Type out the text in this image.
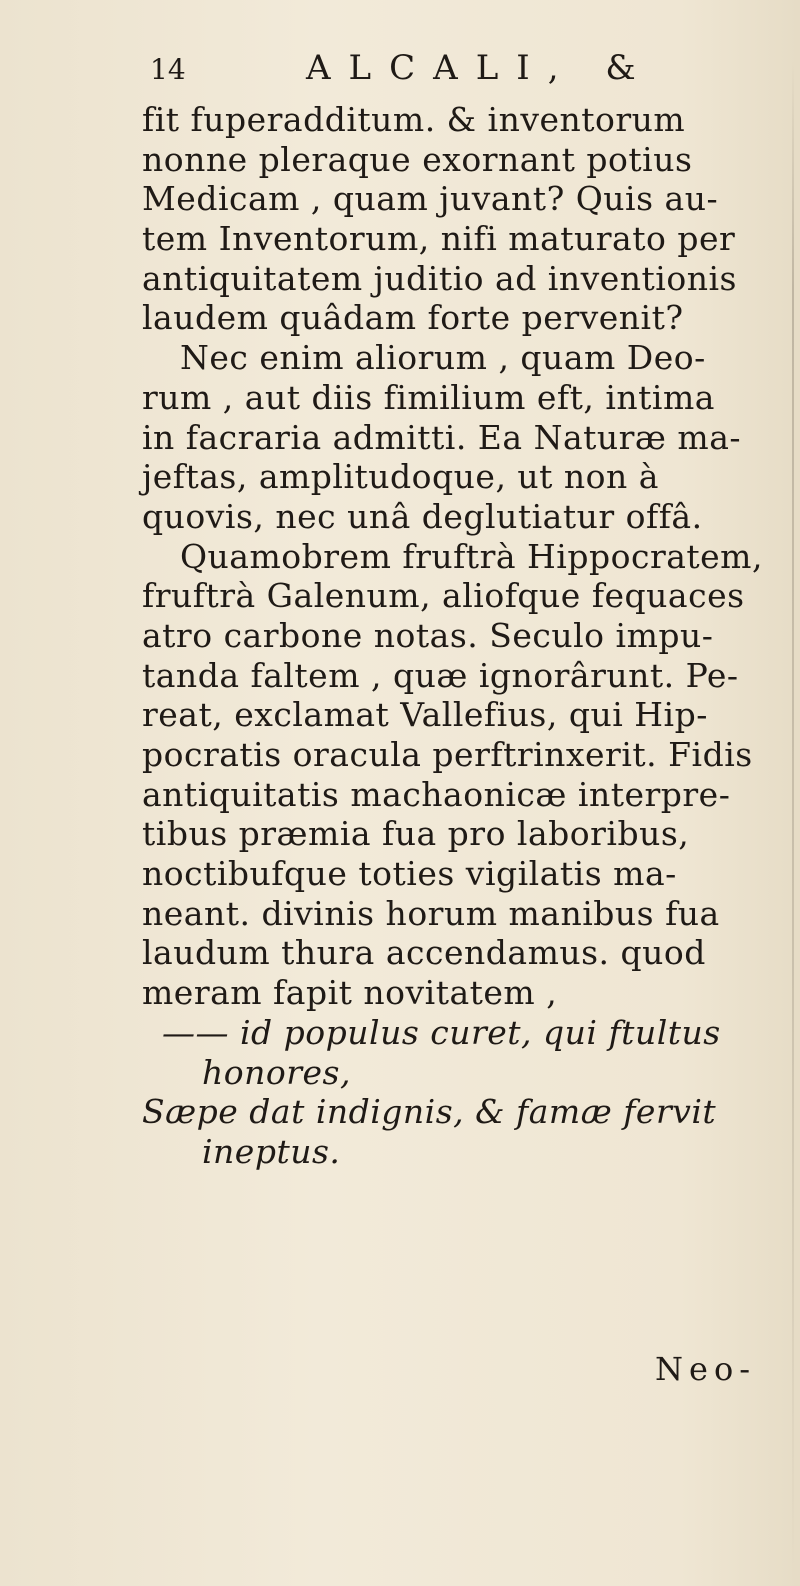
14	ALCALI, &
fit fuperadditum. & inventorum
nonne pleraque exornant potius
Medicam , quam juvant? Quis au-
tem Inventorum, nifi maturato per
antiquitatem juditio ad inventionis
laudem quâdam forte pervenit?
Nec enim aliorum , quam Deo-
rum , aut diis fimilium eft, intima
in facraria admitti. Ea Naturæ ma-
jeftas, amplitudoque, ut non à
quovis, nec unâ deglutiatur offâ.
Quamobrem fruftrà Hippocratem,
fruftrà Galenum, aliofque fequaces
atro carbone notas. Seculo impu-
tanda faltem , quæ ignorârunt. Pe-
reat, exclamat Vallefius, qui Hip-
pocratis oracula perftrinxerit. Fidis
antiquitatis machaonicæ interpre-
tibus præmia fua pro laboribus,
noctibufque toties vigilatis ma-
neant. divinis horum manibus fua
laudum thura accendamus. quod
meram fapit novitatem ,
—— id populus curet, qui ftultus
honores,
Sæpe dat indignis, & famæ fervit
ineptus.
Neo-
